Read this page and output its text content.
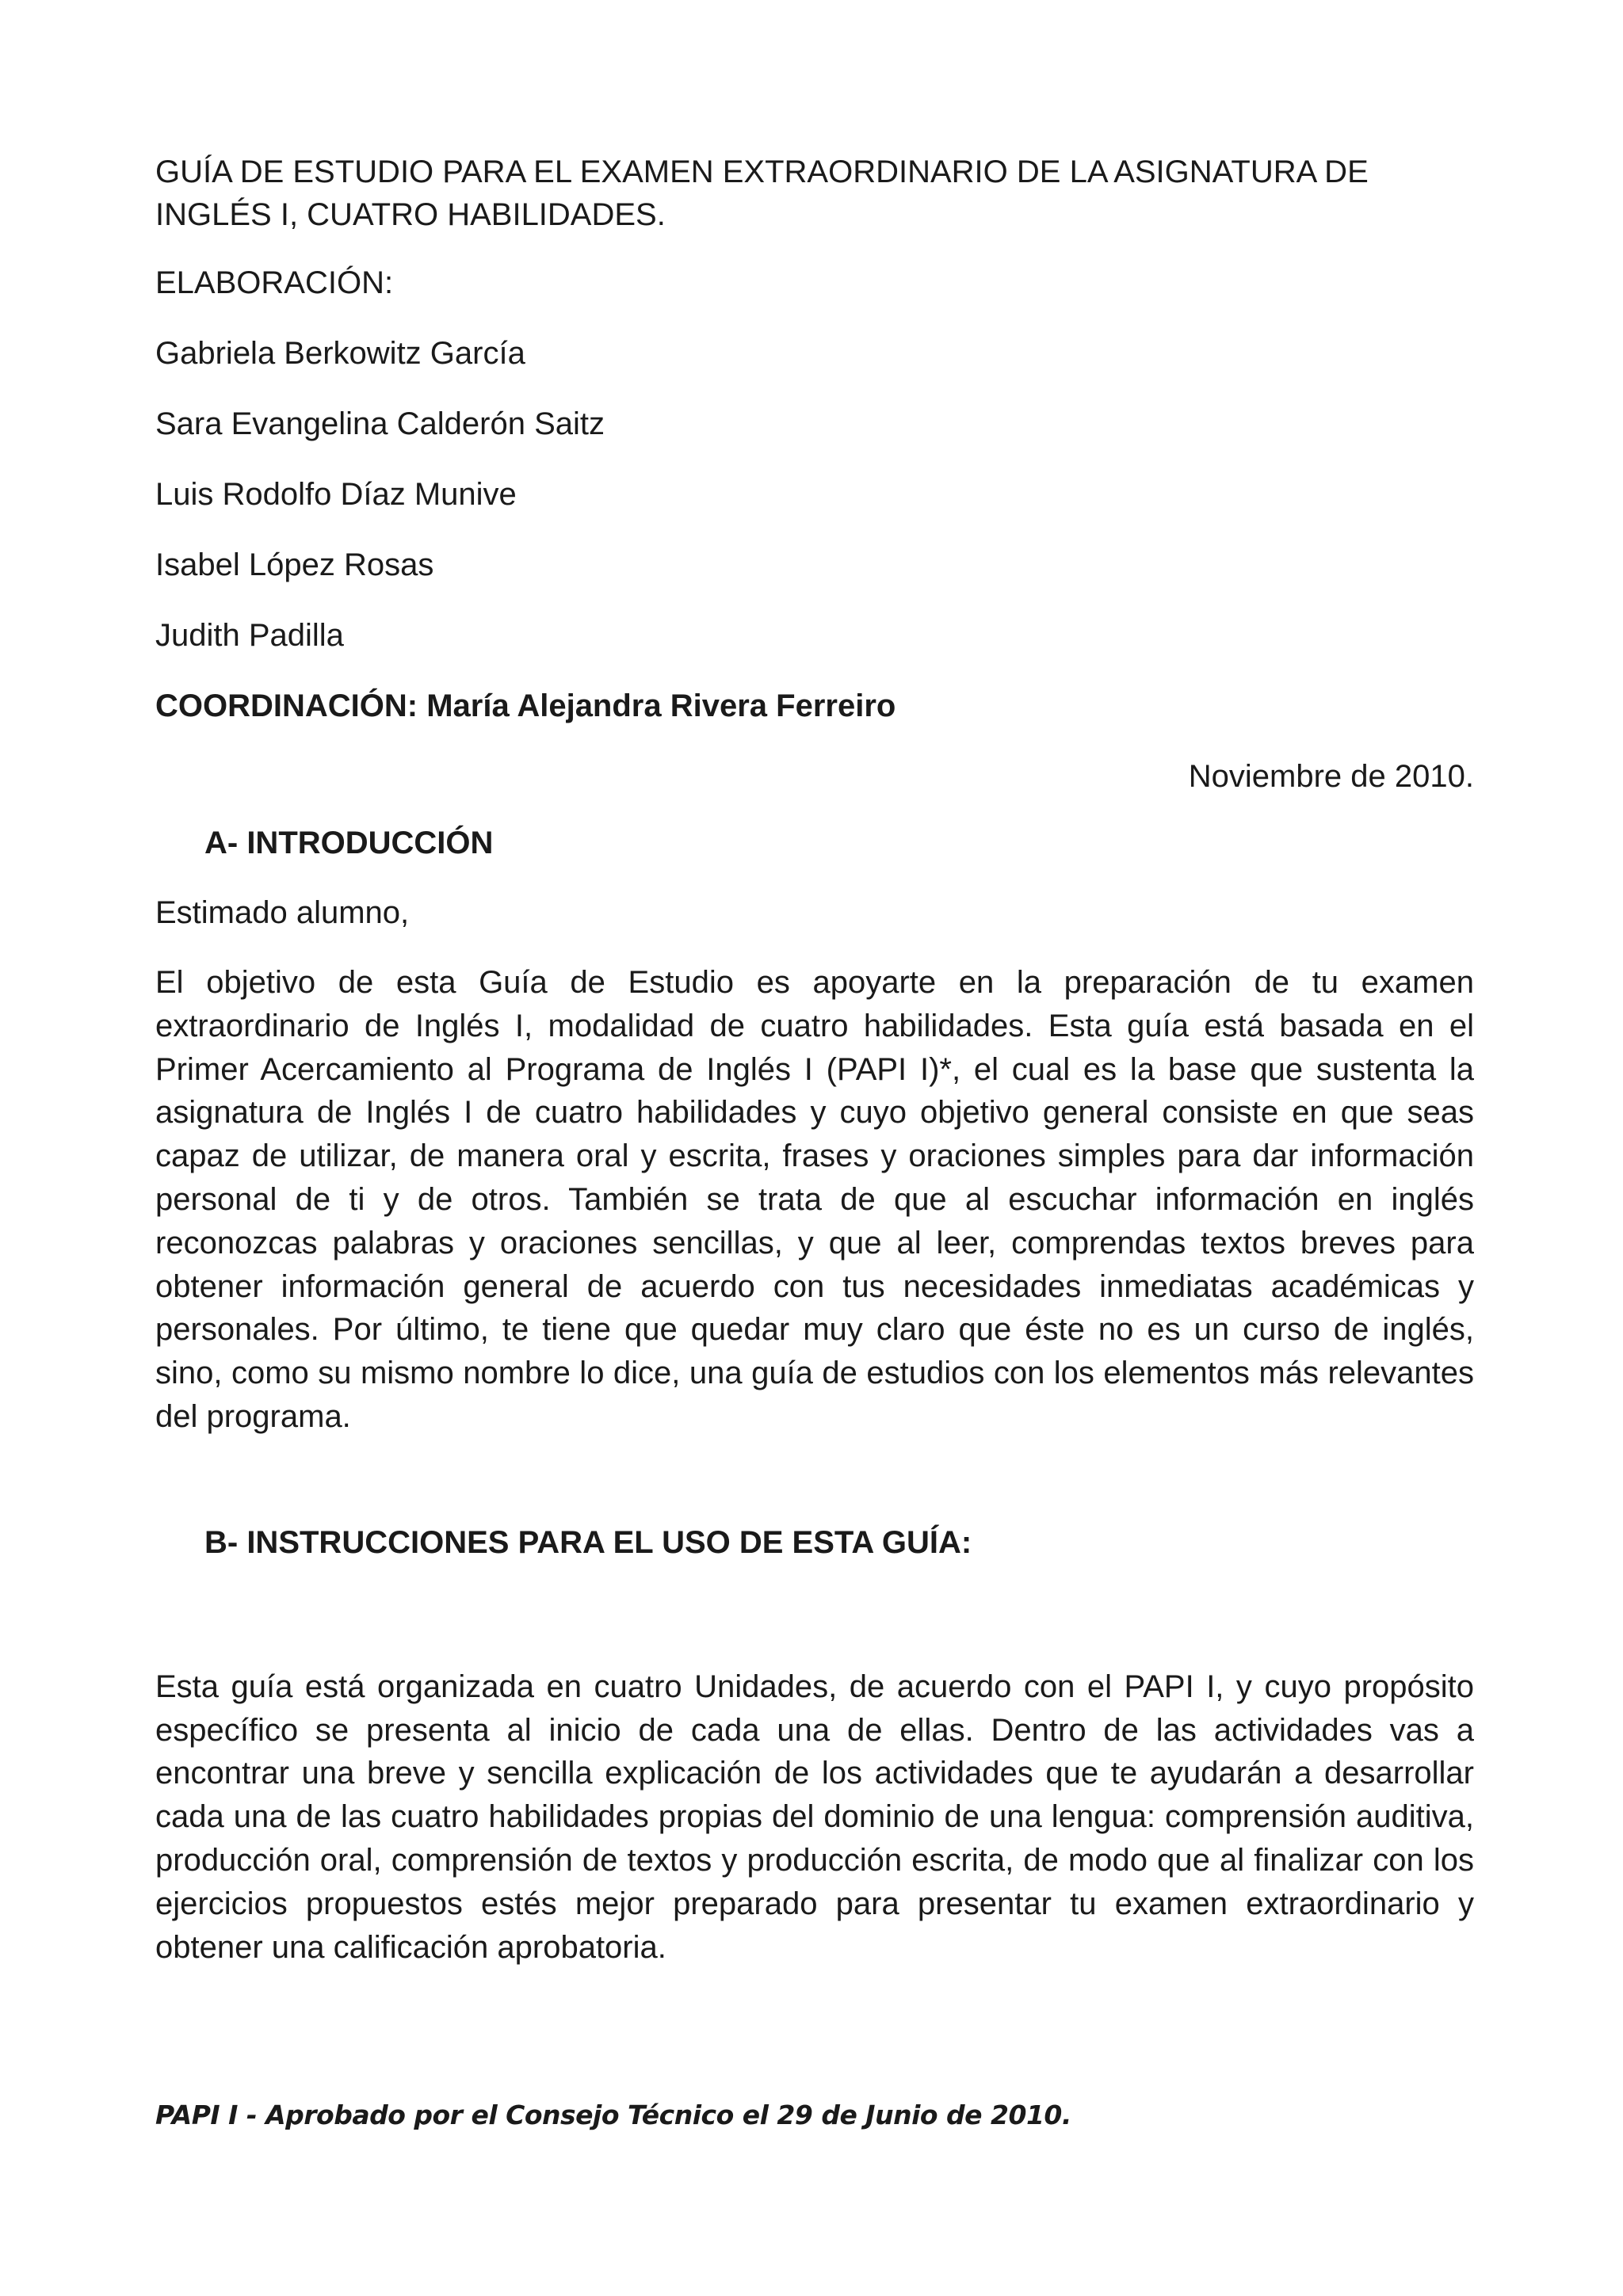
GUÍA DE ESTUDIO PARA EL EXAMEN EXTRAORDINARIO DE LA ASIGNATURA DE INGLÉS I, CUATRO HABILIDADES.

ELABORACIÓN:

Gabriela Berkowitz García

Sara Evangelina Calderón Saitz

Luis Rodolfo Díaz Munive

Isabel López Rosas

Judith Padilla

COORDINACIÓN: María Alejandra Rivera Ferreiro

Noviembre de 2010.

A- INTRODUCCIÓN

Estimado alumno,

El objetivo de esta Guía de Estudio es apoyarte en la preparación de tu examen extraordinario de Inglés I, modalidad de cuatro habilidades. Esta guía está basada en el Primer Acercamiento al Programa de Inglés I (PAPI I)*, el cual es la base que sustenta la asignatura de Inglés I de cuatro habilidades y cuyo objetivo general consiste en que seas capaz de utilizar, de manera oral y escrita, frases y oraciones simples para dar información personal de ti y de otros. También se trata de que al escuchar información en inglés reconozcas palabras y oraciones sencillas, y que al leer, comprendas textos breves para obtener información general de acuerdo con tus necesidades inmediatas académicas y personales. Por último, te tiene que quedar muy claro que éste no es un curso de inglés, sino, como su mismo nombre lo dice, una guía de estudios con los elementos más relevantes del programa.

B- INSTRUCCIONES PARA EL USO DE ESTA GUÍA:

Esta guía está organizada en cuatro Unidades, de acuerdo con el PAPI I, y cuyo propósito específico se presenta al inicio de cada una de ellas. Dentro de las actividades vas a encontrar una breve y sencilla explicación de los actividades que te ayudarán a desarrollar cada una de las cuatro habilidades propias del dominio de una lengua: comprensión auditiva, producción oral, comprensión de textos y producción escrita, de modo que al finalizar con los ejercicios propuestos estés mejor preparado para presentar tu examen extraordinario y obtener una calificación aprobatoria.

PAPI I - Aprobado por el Consejo Técnico el 29 de Junio de 2010.
